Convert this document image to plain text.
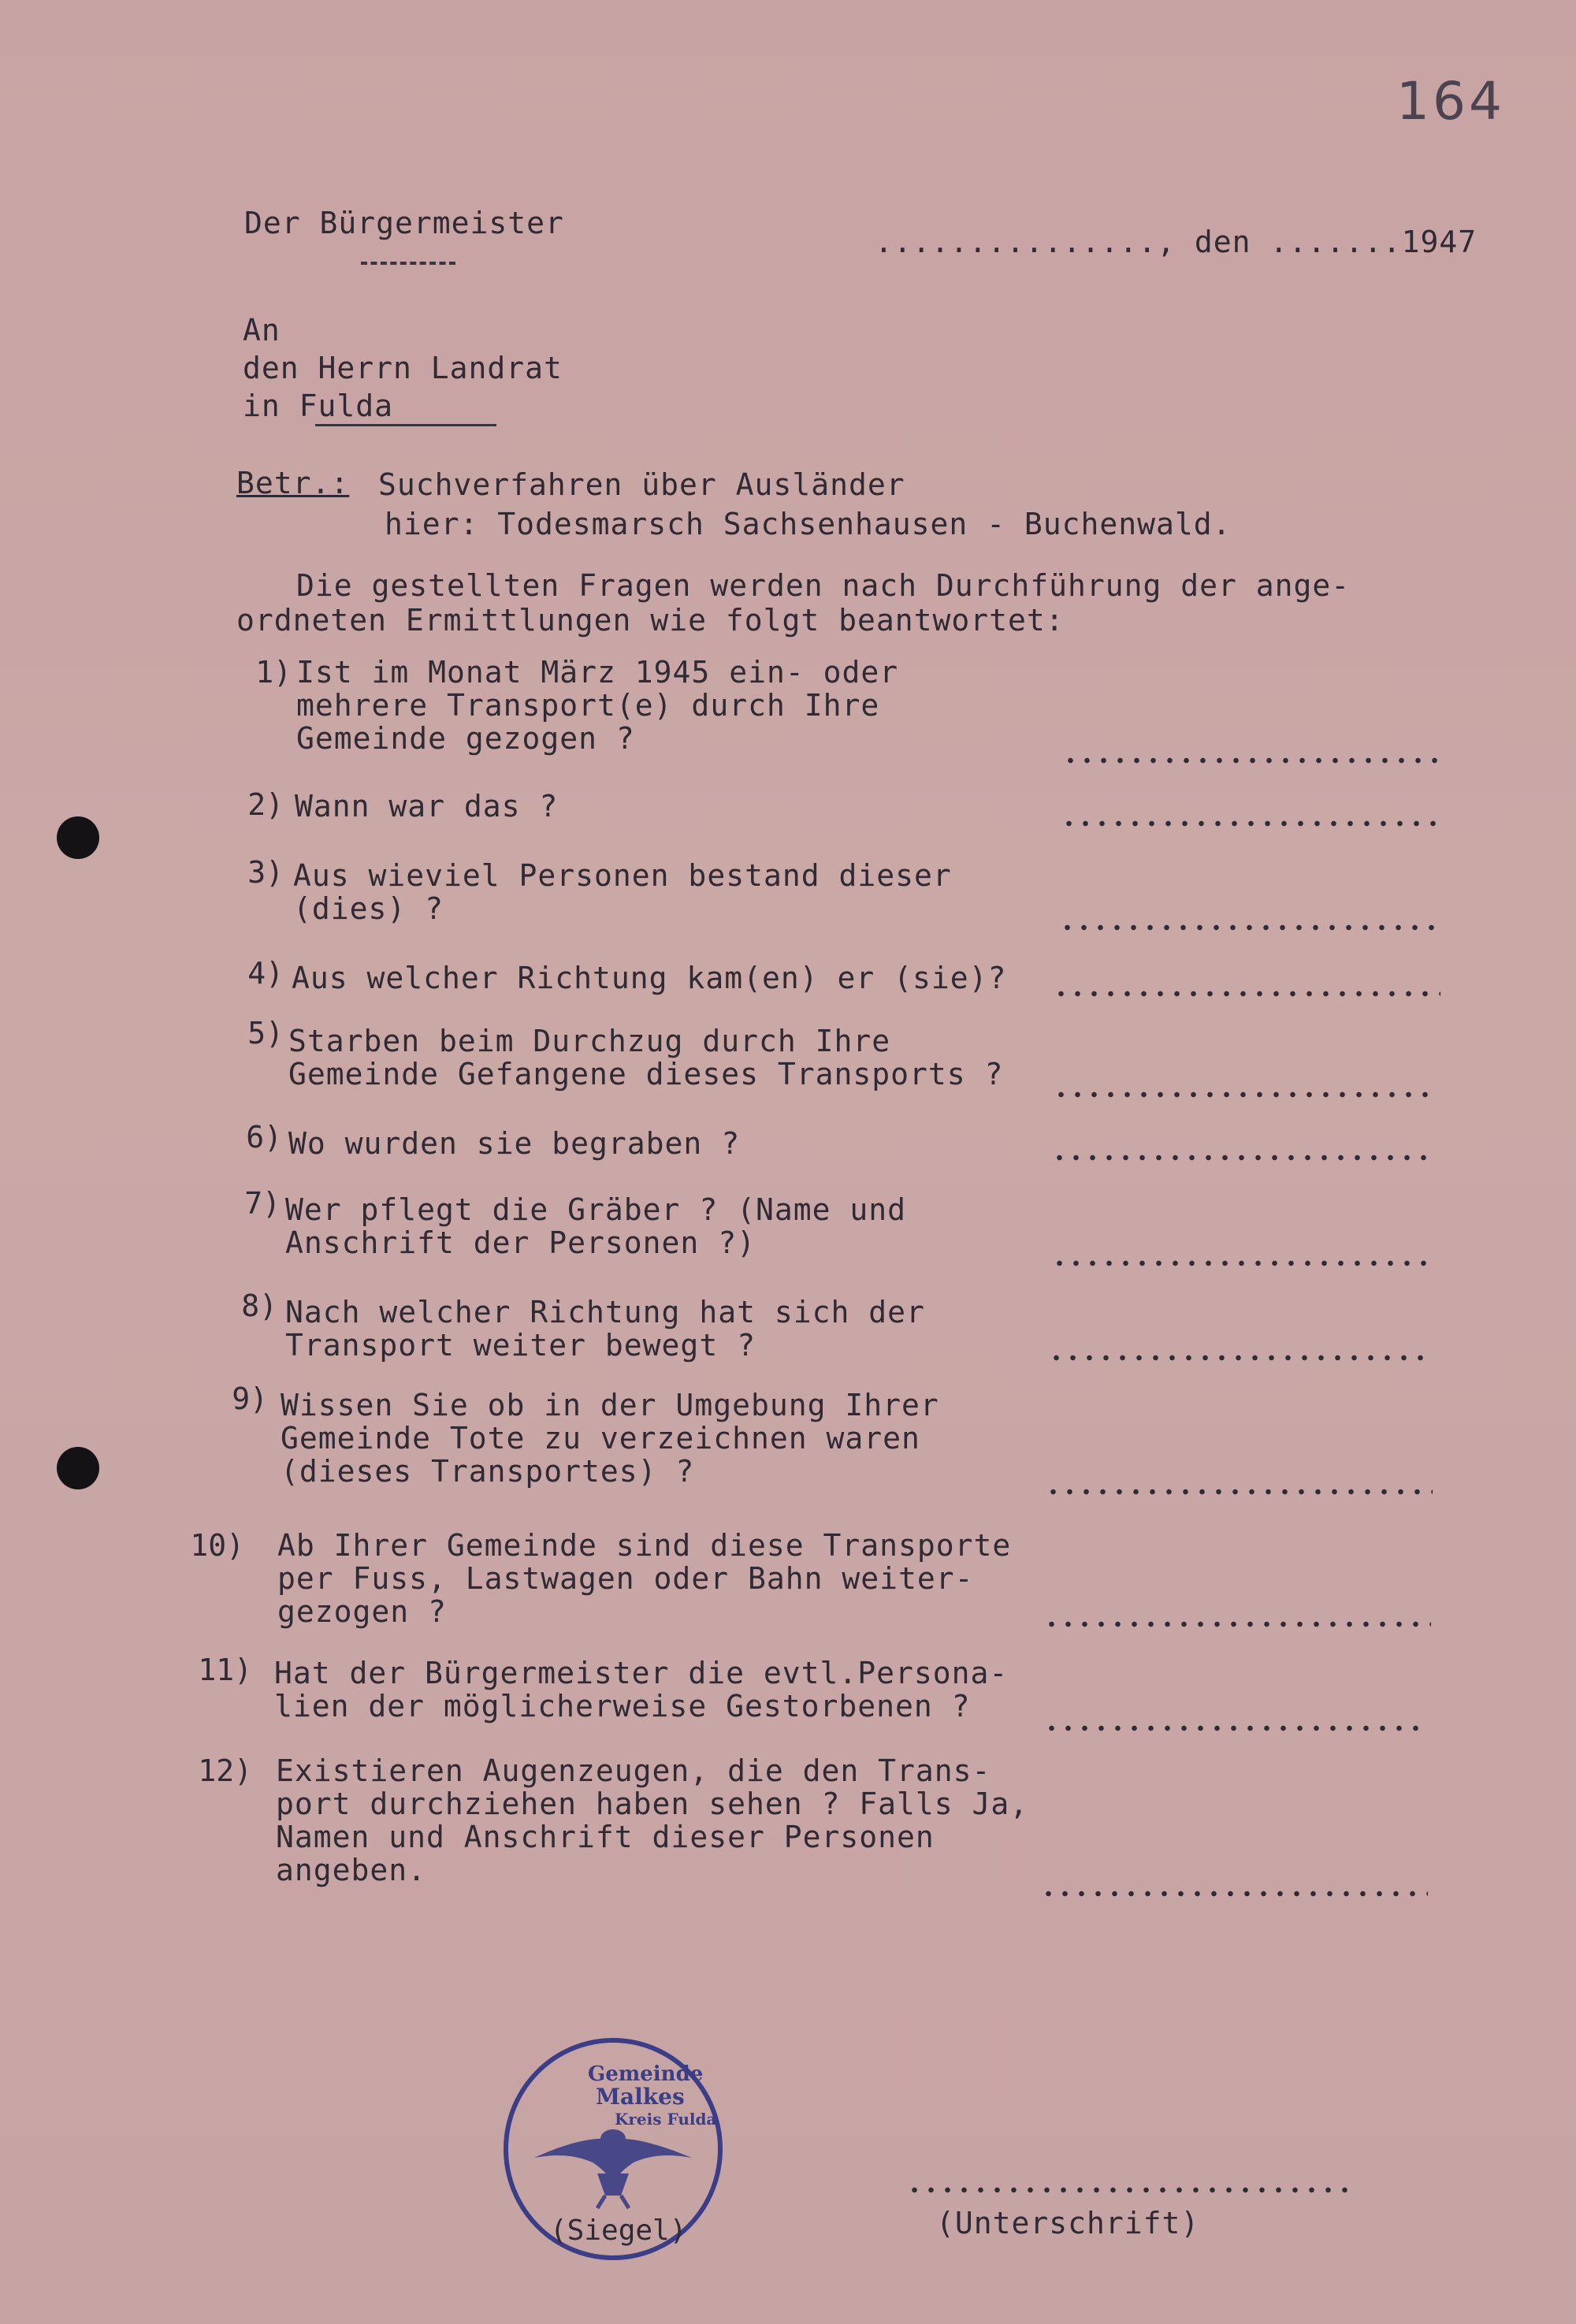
164
Der Bürgermeister
..............., den .......1947
An
den Herrn Landrat
in Fulda
Betr.: Suchverfahren über Ausländer
hier: Todesmarsch Sachsenhausen - Buchenwald.
Die gestellten Fragen werden nach Durchführung der ange-
ordneten Ermittlungen wie folgt beantwortet:
1) Ist im Monat März 1945 ein- oder
mehrere Transport(e) durch Ihre
Gemeinde gezogen ?
2) Wann war das ?
3) Aus wieviel Personen bestand dieser
(dies) ?
4) Aus welcher Richtung kam(en) er (sie)?
5) Starben beim Durchzug durch Ihre
Gemeinde Gefangene dieses Transports ?
6) Wo wurden sie begraben ?
7) Wer pflegt die Gräber ? (Name und
Anschrift der Personen ?)
8) Nach welcher Richtung hat sich der
Transport weiter bewegt ?
9) Wissen Sie ob in der Umgebung Ihrer
Gemeinde Tote zu verzeichnen waren
(dieses Transportes) ?
10) Ab Ihrer Gemeinde sind diese Transporte
per Fuss, Lastwagen oder Bahn weiter-
gezogen ?
11) Hat der Bürgermeister die evtl.Persona-
lien der möglicherweise Gestorbenen ?
12) Existieren Augenzeugen, die den Trans-
port durchziehen haben sehen ? Falls Ja,
Namen und Anschrift dieser Personen
angeben.
Gemeinde
Malkes
Kreis Fulda
(Siegel)	(Unterschrift)
